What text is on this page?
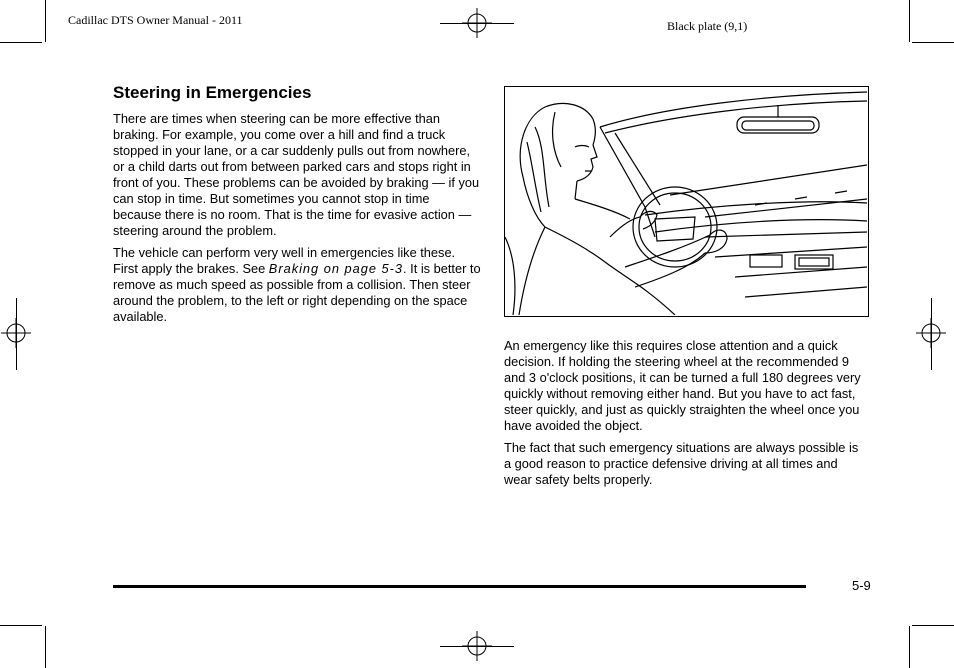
Cadillac DTS Owner Manual - 2011	Black plate (9,1)
Steering in Emergencies

There are times when steering can be more effective than braking. For example, you come over a hill and find a truck stopped in your lane, or a car suddenly pulls out from nowhere, or a child darts out from between parked cars and stops right in front of you. These problems can be avoided by braking — if you can stop in time. But sometimes you cannot stop in time because there is no room. That is the time for evasive action — steering around the problem.

The vehicle can perform very well in emergencies like these. First apply the brakes. See Braking on page 5‑3. It is better to remove as much speed as possible from a collision. Then steer around the problem, to the left or right depending on the space available.

An emergency like this requires close attention and a quick decision. If holding the steering wheel at the recommended 9 and 3 o'clock positions, it can be turned a full 180 degrees very quickly without removing either hand. But you have to act fast, steer quickly, and just as quickly straighten the wheel once you have avoided the object.

The fact that such emergency situations are always possible is a good reason to practice defensive driving at all times and wear safety belts properly.

5-9
